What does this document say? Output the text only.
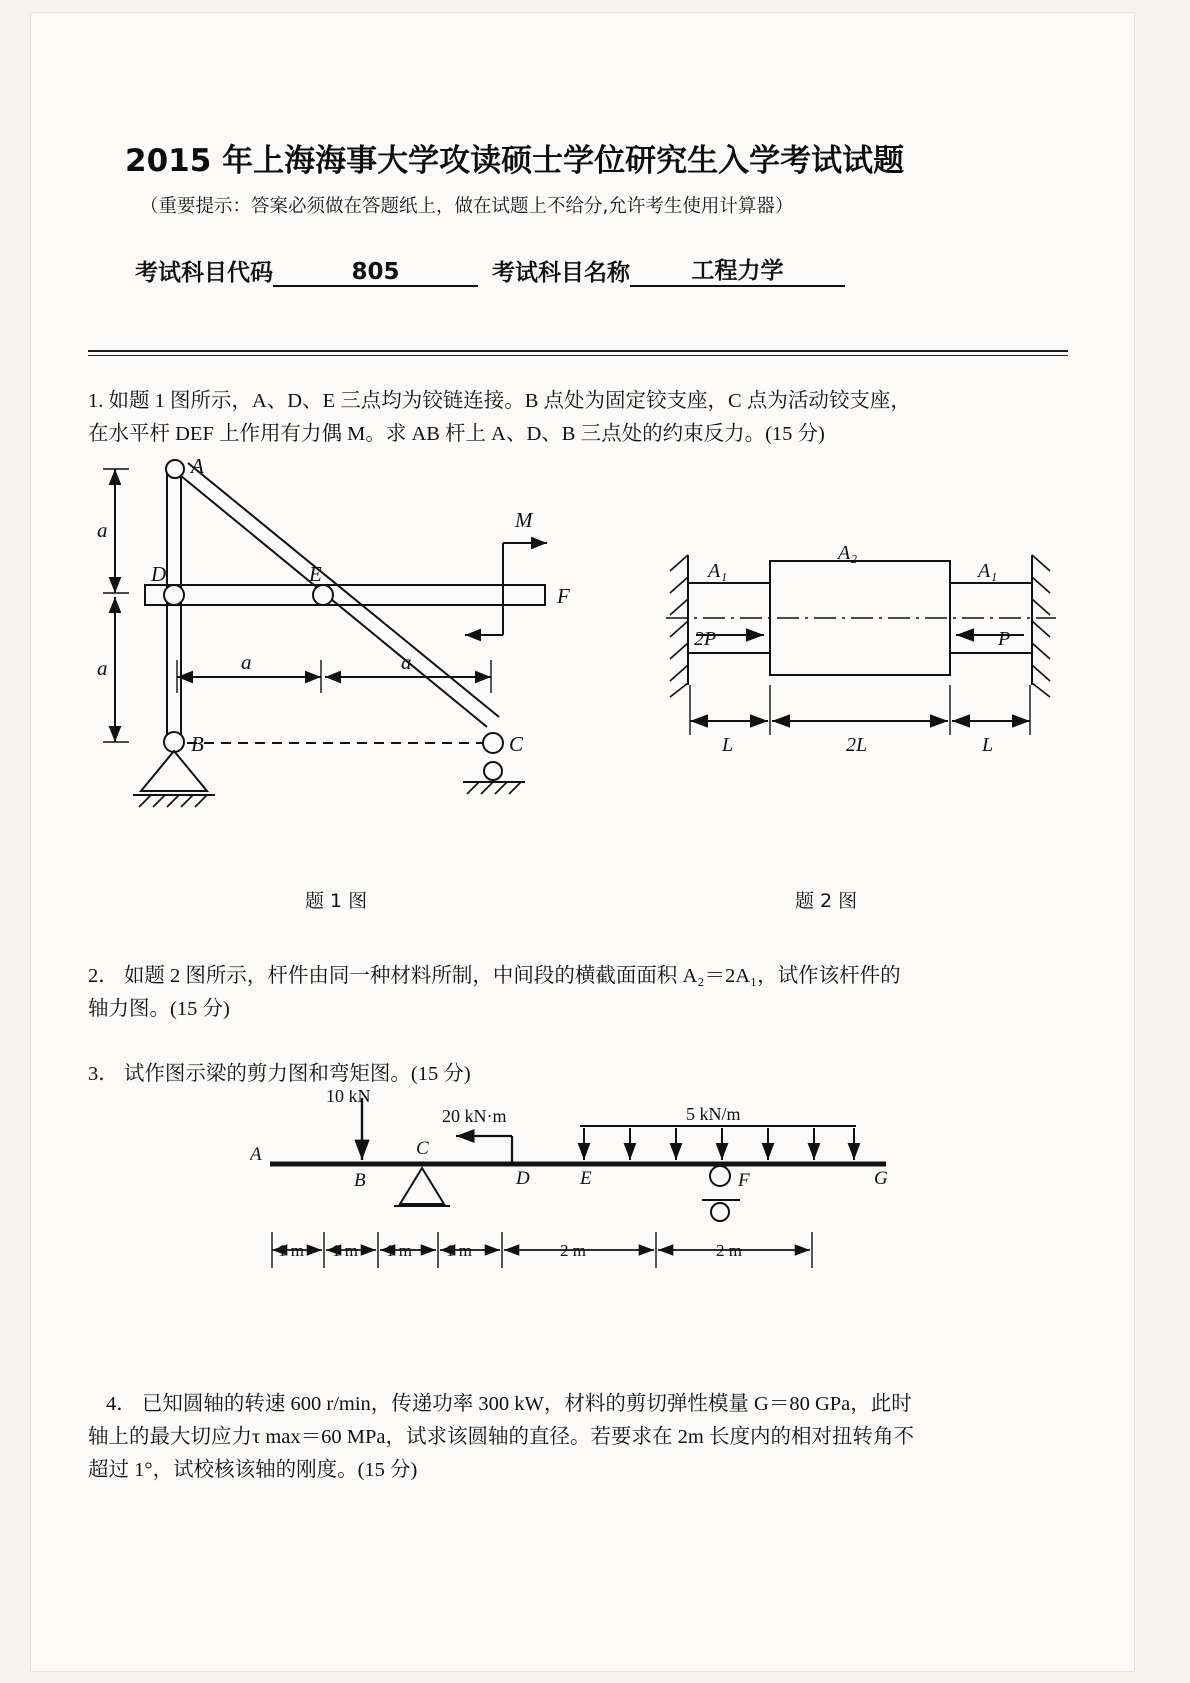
2015 年上海海事大学攻读硕士学位研究生入学考试试题
（重要提示：答案必须做在答题纸上，做在试题上不给分,允许考生使用计算器）
考试科目代码	805	考试科目名称	工程力学
1. 如题 1 图所示，A、D、E 三点均为铰链连接。B 点处为固定铰支座，C 点为活动铰支座，
在水平杆 DEF 上作用有力偶 M。求 AB 杆上 A、D、B 三点处的约束反力。(15 分)
A
B	C
D	E
F
M
a
a	a	a
A₁
A₂
A₁
2P	P
L	2L	L
题 1 图	题 2 图
2． 如题 2 图所示，杆件由同一种材料所制，中间段的横截面面积 A₂＝2A₁，试作该杆件的
轴力图。(15 分)
3． 试作图示梁的剪力图和弯矩图。(15 分)
10 kN
20 kN·m	5 kN/m
A
B
C
D	E	F	G
1 m 1 m 1 m 1 m	2 m	2 m
4． 已知圆轴的转速 600 r/min，传递功率 300 kW，材料的剪切弹性模量 G＝80 GPa，此时
轴上的最大切应力τ max＝60 MPa，试求该圆轴的直径。若要求在 2m 长度内的相对扭转角不
超过 1°，试校核该轴的刚度。(15 分)
